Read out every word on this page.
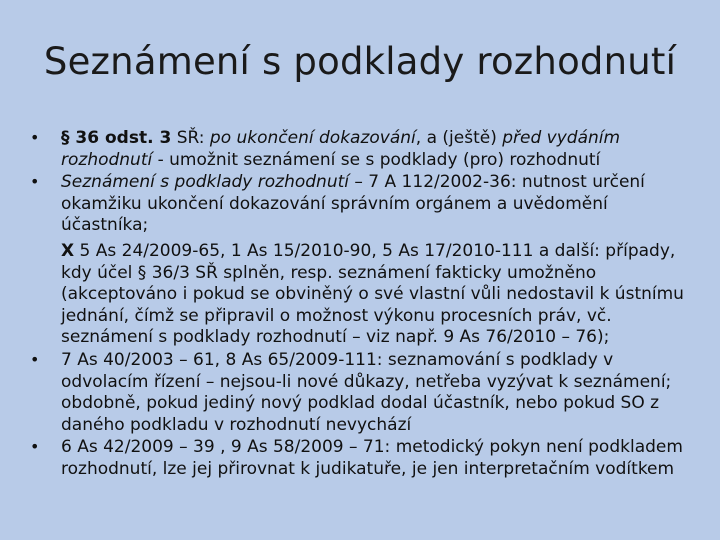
Seznámení s podklady rozhodnutí
• § 36 odst. 3 SŘ: po ukončení dokazování, a (ještě) před vydáním rozhodnutí - umožnit seznámení se s podklady (pro) rozhodnutí
• Seznámení s podklady rozhodnutí – 7 A 112/2002-36: nutnost určení okamžiku ukončení dokazování správním orgánem a uvědomění účastníka;
X 5 As 24/2009-65, 1 As 15/2010-90, 5 As 17/2010-111 a další: případy, kdy účel § 36/3 SŘ splněn, resp. seznámení fakticky umožněno (akceptováno i pokud se obviněný o své vlastní vůli nedostavil k ústnímu jednání, čímž se připravil o možnost výkonu procesních práv, vč. seznámení s podklady rozhodnutí – viz např. 9 As 76/2010 – 76);
• 7 As 40/2003 – 61, 8 As 65/2009-111: seznamování s podklady v odvolacím řízení – nejsou-li nové důkazy, netřeba vyzývat k seznámení; obdobně, pokud jediný nový podklad dodal účastník, nebo pokud SO z daného podkladu v rozhodnutí nevychází
• 6 As 42/2009 – 39 , 9 As 58/2009 – 71: metodický pokyn není podkladem rozhodnutí, lze jej přirovnat k judikatuře, je jen interpretačním vodítkem
